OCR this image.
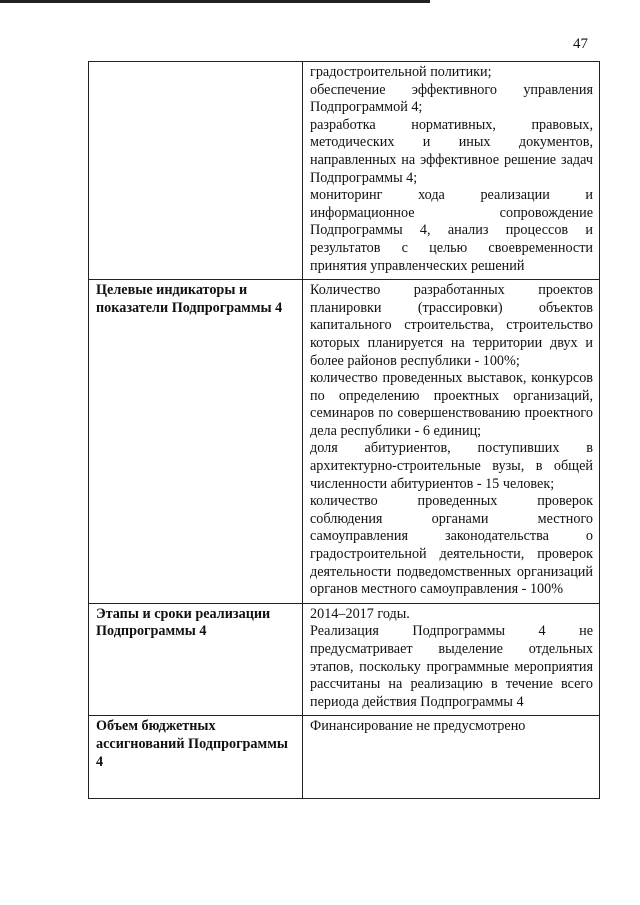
47

	градостроительной политики;
обеспечение эффективного управления Подпрограммой 4;
разработка нормативных, правовых, методических и иных документов, направленных на эффективное решение задач Подпрограммы 4;
мониторинг хода реализации и информационное сопровождение Подпрограммы 4, анализ процессов и результатов с целью своевременности принятия управленческих решений

Целевые индикаторы и показатели Подпрограммы 4	Количество разработанных проектов планировки (трассировки) объектов капитального строительства, строительство которых планируется на территории двух и более районов республики - 100%;
количество проведенных выставок, конкурсов по определению проектных организаций, семинаров по совершенствованию проектного дела республики - 6 единиц;
доля абитуриентов, поступивших в архитектурно-строительные вузы, в общей численности абитуриентов - 15 человек;
количество проведенных проверок соблюдения органами местного самоуправления законодательства о градостроительной деятельности, проверок деятельности подведомственных организаций органов местного самоуправления - 100%

Этапы и сроки реализации Подпрограммы 4	2014–2017 годы.
Реализация Подпрограммы 4 не предусматривает выделение отдельных этапов, поскольку программные мероприятия рассчитаны на реализацию в течение всего периода действия Подпрограммы 4

Объем бюджетных ассигнований Подпрограммы 4	Финансирование не предусмотрено
